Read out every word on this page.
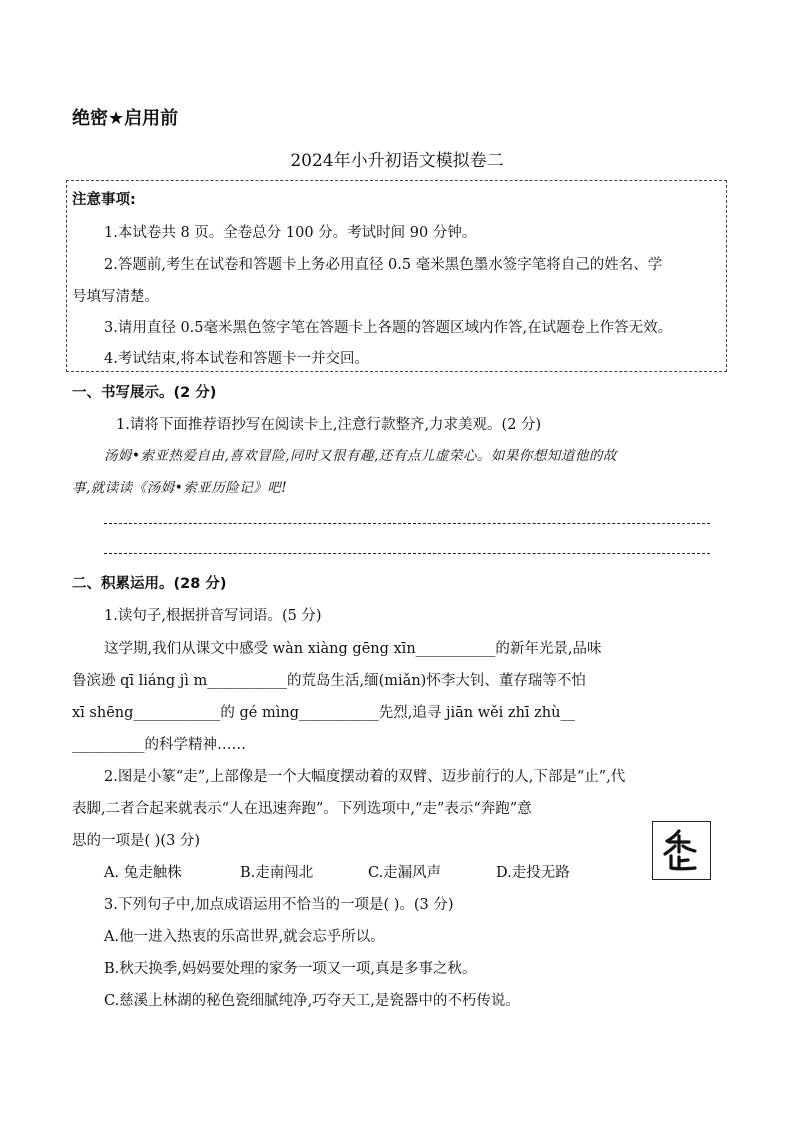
绝密★启用前
2024年小升初语文模拟卷二
注意事项:
1.本试卷共 8 页。全卷总分 100 分。考试时间 90 分钟。
2.答题前,考生在试卷和答题卡上务必用直径 0.5 毫米黑色墨水签字笔将自己的姓名、学
号填写清楚。
3.请用直径 0.5毫米黑色签字笔在答题卡上各题的答题区域内作答,在试题卷上作答无效。
4.考试结束,将本试卷和答题卡一并交回。
一、书写展示。(2 分)
1.请将下面推荐语抄写在阅读卡上,注意行款整齐,力求美观。(2 分)
汤姆•索亚热爱自由,喜欢冒险,同时又很有趣,还有点儿虚荣心。如果你想知道他的故
事,就读读《汤姆•索亚历险记》吧!
二、积累运用。(28 分)
1.读句子,根据拼音写词语。(5 分)
这学期,我们从课文中感受 wàn xiàng gēng xīn___________的新年光景,品味
鲁滨逊 qī liáng jì m___________的荒岛生活,缅(miǎn)怀李大钊、董存瑞等不怕
xī shēng____________的 gé mìng___________先烈,追寻 jiān wěi zhī zhù__
__________的科学精神……
2.图是小篆“走”,上部像是一个大幅度摆动着的双臂、迈步前行的人,下部是“止”,代
表脚,二者合起来就表示“人在迅速奔跑”。下列选项中,“走”表示“奔跑”意
思的一项是( )(3 分)
A. 兔走触株	B.走南闯北	C.走漏风声	D.走投无路
3.下列句子中,加点成语运用不恰当的一项是( )。(3 分)
A.他一进入热衷的乐高世界,就会忘乎所以。
B.秋天换季,妈妈要处理的家务一项又一项,真是多事之秋。
C.慈溪上林湖的秘色瓷细腻纯净,巧夺天工,是瓷器中的不朽传说。
